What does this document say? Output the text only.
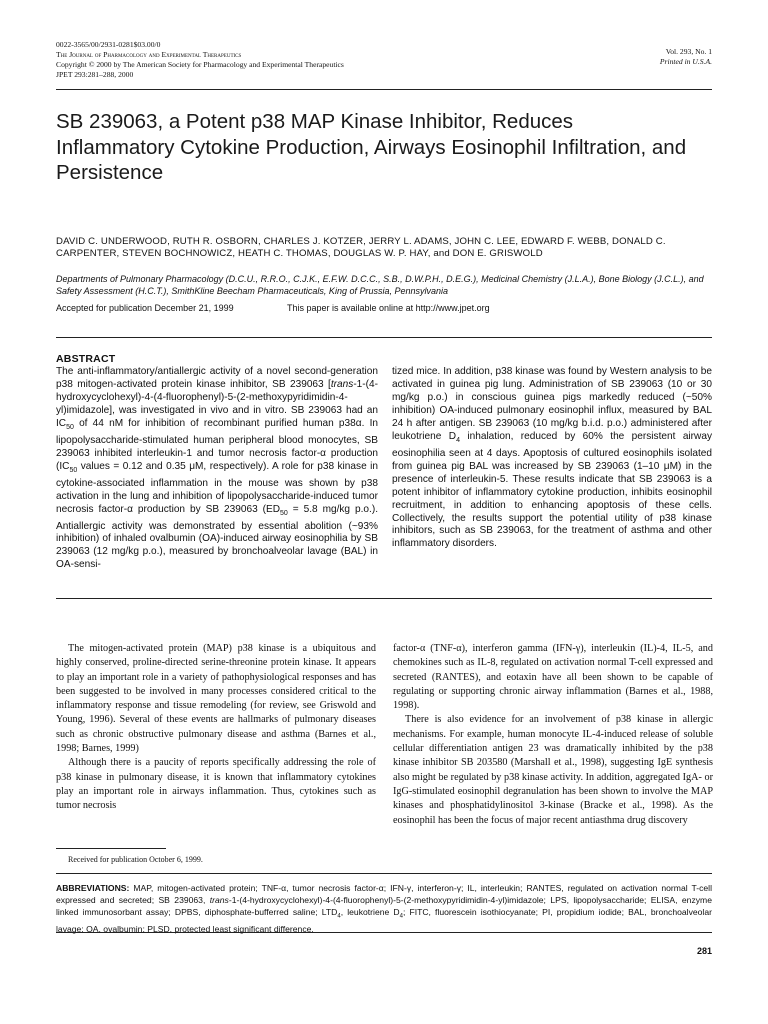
0022-3565/00/2931-0281$03.00/0
The Journal of Pharmacology and Experimental Therapeutics
Copyright © 2000 by The American Society for Pharmacology and Experimental Therapeutics
JPET 293:281–288, 2000
Vol. 293, No. 1
Printed in U.S.A.
SB 239063, a Potent p38 MAP Kinase Inhibitor, Reduces Inflammatory Cytokine Production, Airways Eosinophil Infiltration, and Persistence
DAVID C. UNDERWOOD, RUTH R. OSBORN, CHARLES J. KOTZER, JERRY L. ADAMS, JOHN C. LEE, EDWARD F. WEBB, DONALD C. CARPENTER, STEVEN BOCHNOWICZ, HEATH C. THOMAS, DOUGLAS W. P. HAY, and DON E. GRISWOLD
Departments of Pulmonary Pharmacology (D.C.U., R.R.O., C.J.K., E.F.W. D.C.C., S.B., D.W.P.H., D.E.G.), Medicinal Chemistry (J.L.A.), Bone Biology (J.C.L.), and Safety Assessment (H.C.T.), SmithKline Beecham Pharmaceuticals, King of Prussia, Pennsylvania
Accepted for publication December 21, 1999	This paper is available online at http://www.jpet.org
ABSTRACT
The anti-inflammatory/antiallergic activity of a novel second-generation p38 mitogen-activated protein kinase inhibitor, SB 239063 [trans-1-(4-hydroxycyclohexyl)-4-(4-fluorophenyl)-5-(2-methoxypyridimidin-4-yl)imidazole], was investigated in vivo and in vitro. SB 239063 had an $IC_{50}$ of 44 nM for inhibition of recombinant purified human p38α. In lipopolysaccharide-stimulated human peripheral blood monocytes, SB 239063 inhibited interleukin-1 and tumor necrosis factor-α production ($IC_{50}$ values = 0.12 and 0.35 μM, respectively). A role for p38 kinase in cytokine-associated inflammation in the mouse was shown by p38 activation in the lung and inhibition of lipopolysaccharide-induced tumor necrosis factor-α production by SB 239063 ($ED_{50} = 5.8$ mg/kg p.o.). Antiallergic activity was demonstrated by essential abolition (~93% inhibition) of inhaled ovalbumin (OA)-induced airway eosinophilia by SB 239063 (12 mg/kg p.o.), measured by bronchoalveolar lavage (BAL) in OA-sensi-
tized mice. In addition, p38 kinase was found by Western analysis to be activated in guinea pig lung. Administration of SB 239063 (10 or 30 mg/kg p.o.) in conscious guinea pigs markedly reduced (~50% inhibition) OA-induced pulmonary eosinophil influx, measured by BAL 24 h after antigen. SB 239063 (10 mg/kg b.i.d. p.o.) administered after leukotriene $D_4$ inhalation, reduced by 60% the persistent airway eosinophilia seen at 4 days. Apoptosis of cultured eosinophils isolated from guinea pig BAL was increased by SB 239063 (1–10 μM) in the presence of interleukin-5. These results indicate that SB 239063 is a potent inhibitor of inflammatory cytokine production, inhibits eosinophil recruitment, in addition to enhancing apoptosis of these cells. Collectively, the results support the potential utility of p38 kinase inhibitors, such as SB 239063, for the treatment of asthma and other inflammatory disorders.

The mitogen-activated protein (MAP) p38 kinase is a ubiquitous and highly conserved, proline-directed serine-threonine protein kinase. It appears to play an important role in a variety of pathophysiological responses and has been suggested to be involved in many processes considered critical to the inflammatory response and tissue remodeling (for review, see Griswold and Young, 1996). Several of these events are hallmarks of pulmonary diseases such as chronic obstructive pulmonary disease and asthma (Barnes et al., 1998; Barnes, 1999)

Although there is a paucity of reports specifically addressing the role of p38 kinase in pulmonary disease, it is known that inflammatory cytokines play an important role in airways inflammation. Thus, cytokines such as tumor necrosis

factor-α (TNF-α), interferon gamma (IFN-γ), interleukin (IL)-4, IL-5, and chemokines such as IL-8, regulated on activation normal T-cell expressed and secreted (RANTES), and eotaxin have all been shown to be capable of regulating or supporting chronic airway inflammation (Barnes et al., 1988, 1998).

There is also evidence for an involvement of p38 kinase in allergic mechanisms. For example, human monocyte IL-4-induced release of soluble cellular differentiation antigen 23 was dramatically inhibited by the p38 kinase inhibitor SB 203580 (Marshall et al., 1998), suggesting IgE synthesis also might be regulated by p38 kinase activity. In addition, aggregated IgA- or IgG-stimulated eosinophil degranulation has been shown to involve the MAP kinases and phosphatidylinositol 3-kinase (Bracke et al., 1998). As the eosinophil has been the focus of major recent antiasthma drug discovery

Received for publication October 6, 1999.
ABBREVIATIONS: MAP, mitogen-activated protein; TNF-α, tumor necrosis factor-α; IFN-γ, interferon-γ; IL, interleukin; RANTES, regulated on activation normal T-cell expressed and secreted; SB 239063, trans-1-(4-hydroxycyclohexyl)-4-(4-fluorophenyl)-5-(2-methoxypyridimidin-4-yl)imidazole; LPS, lipopolysaccharide; ELISA, enzyme linked immunosorbant assay; DPBS, diphosphate-bufferred saline; $LTD_4$, leukotriene $D_4$; FITC, fluorescein isothiocyanate; PI, propidium iodide; BAL, bronchoalveolar lavage; OA, ovalbumin; PLSD, protected least significant difference.
281
